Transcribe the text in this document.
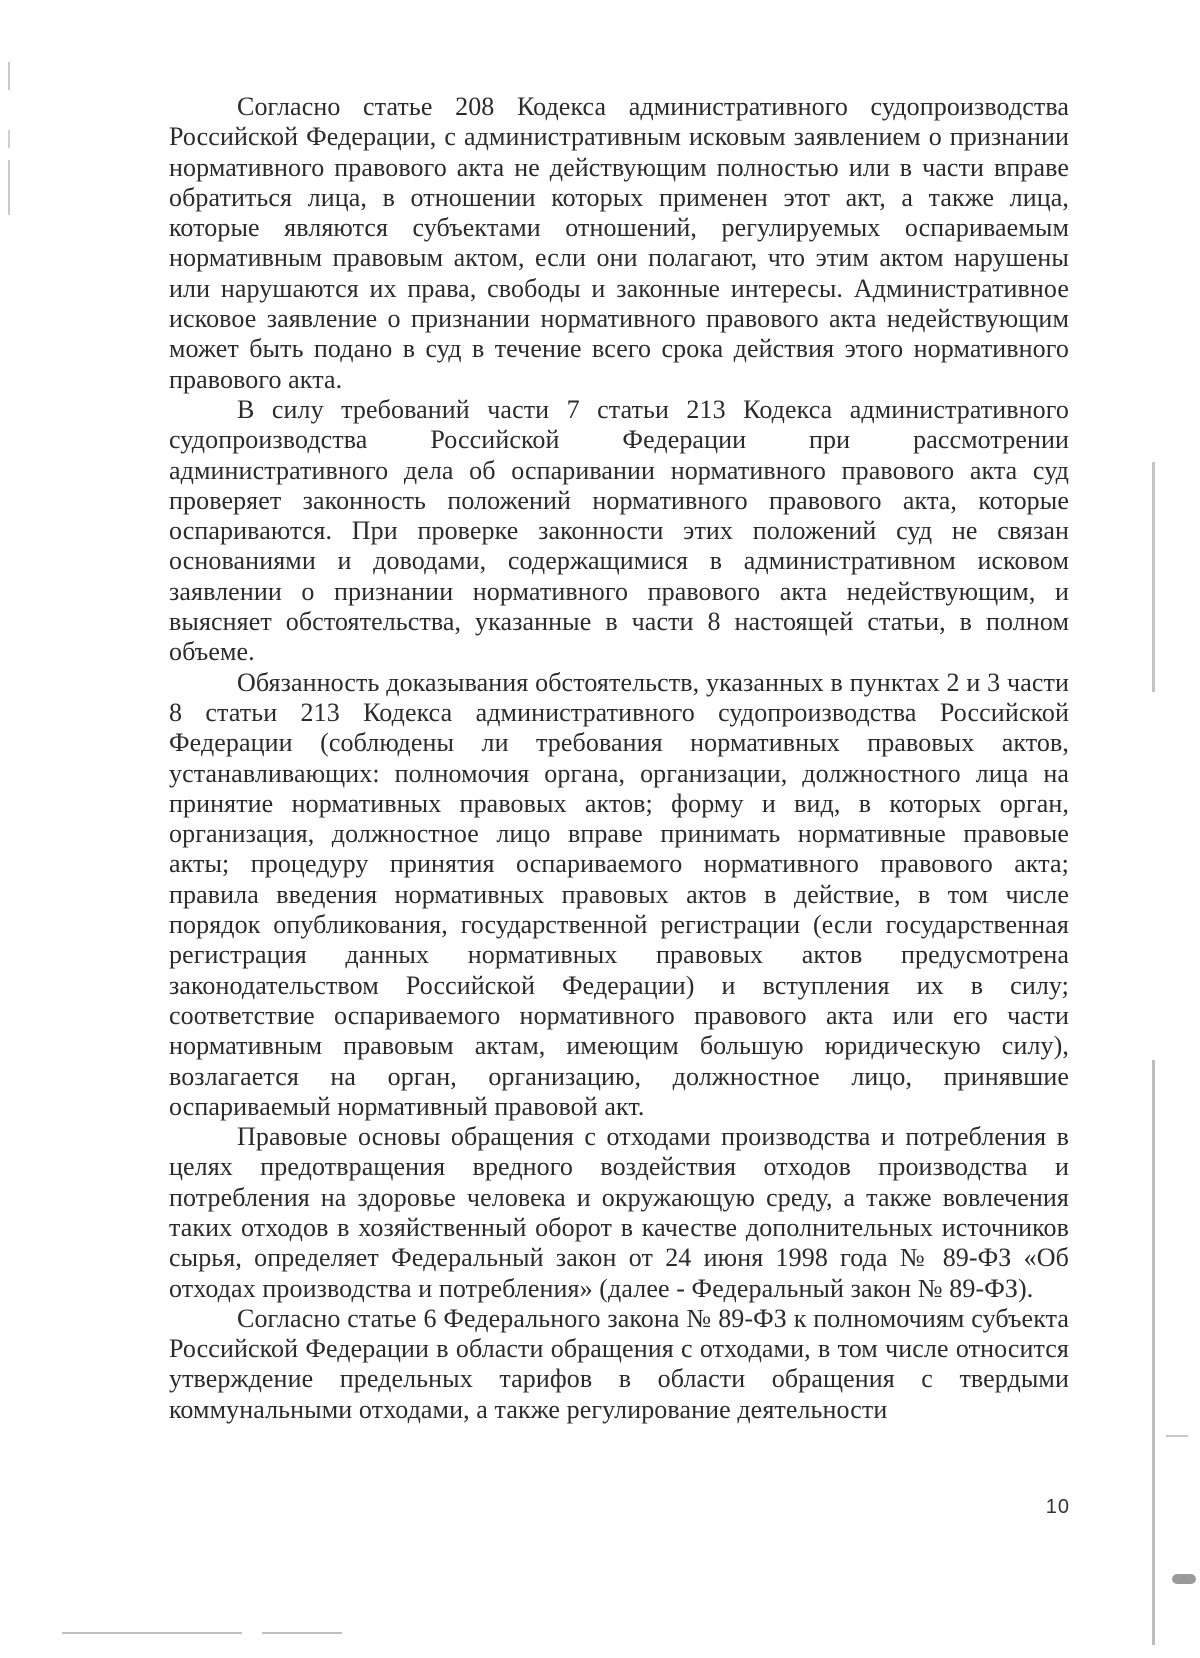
Согласно статье 208 Кодекса административного судопроизводства Российской Федерации, с административным исковым заявлением о признании нормативного правового акта не действующим полностью или в части вправе обратиться лица, в отношении которых применен этот акт, а также лица, которые являются субъектами отношений, регулируемых оспариваемым нормативным правовым актом, если они полагают, что этим актом нарушены или нарушаются их права, свободы и законные интересы. Административное исковое заявление о признании нормативного правового акта недействующим может быть подано в суд в течение всего срока действия этого нормативного правового акта.

В силу требований части 7 статьи 213 Кодекса административного судопроизводства Российской Федерации при рассмотрении административного дела об оспаривании нормативного правового акта суд проверяет законность положений нормативного правового акта, которые оспариваются. При проверке законности этих положений суд не связан основаниями и доводами, содержащимися в административном исковом заявлении о признании нормативного правового акта недействующим, и выясняет обстоятельства, указанные в части 8 настоящей статьи, в полном объеме.

Обязанность доказывания обстоятельств, указанных в пунктах 2 и 3 части 8 статьи 213 Кодекса административного судопроизводства Российской Федерации (соблюдены ли требования нормативных правовых актов, устанавливающих: полномочия органа, организации, должностного лица на принятие нормативных правовых актов; форму и вид, в которых орган, организация, должностное лицо вправе принимать нормативные правовые акты; процедуру принятия оспариваемого нормативного правового акта; правила введения нормативных правовых актов в действие, в том числе порядок опубликования, государственной регистрации (если государственная регистрация данных нормативных правовых актов предусмотрена законодательством Российской Федерации) и вступления их в силу; соответствие оспариваемого нормативного правового акта или его части нормативным правовым актам, имеющим большую юридическую силу), возлагается на орган, организацию, должностное лицо, принявшие оспариваемый нормативный правовой акт.

Правовые основы обращения с отходами производства и потребления в целях предотвращения вредного воздействия отходов производства и потребления на здоровье человека и окружающую среду, а также вовлечения таких отходов в хозяйственный оборот в качестве дополнительных источников сырья, определяет Федеральный закон от 24 июня 1998 года № 89-ФЗ «Об отходах производства и потребления» (далее - Федеральный закон № 89-ФЗ).

Согласно статье 6 Федерального закона № 89-ФЗ к полномочиям субъекта Российской Федерации в области обращения с отходами, в том числе относится утверждение предельных тарифов в области обращения с твердыми коммунальными отходами, а также регулирование деятельности

10
